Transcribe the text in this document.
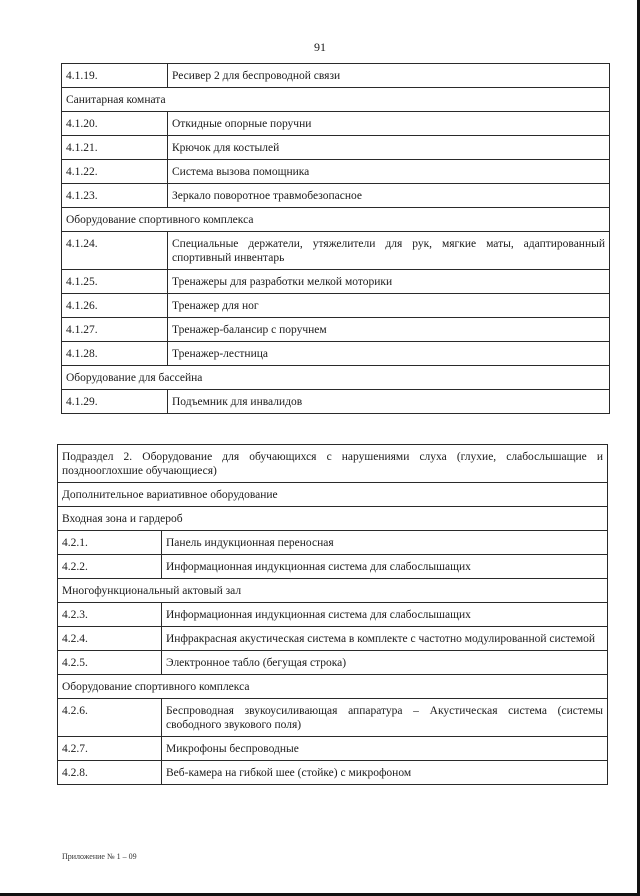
91
4.1.19.	Ресивер 2 для беспроводной связи
Санитарная комната	
4.1.20.	Откидные опорные поручни
4.1.21.	Крючок для костылей
4.1.22.	Система вызова помощника
4.1.23.	Зеркало поворотное травмобезопасное
Оборудование спортивного комплекса	
4.1.24.	Специальные держатели, утяжелители для рук, мягкие маты, адаптированный спортивный инвентарь
4.1.25.	Тренажеры для разработки мелкой моторики
4.1.26.	Тренажер для ног
4.1.27.	Тренажер-балансир с поручнем
4.1.28.	Тренажер-лестница
Оборудование для бассейна	
4.1.29.	Подъемник для инвалидов
Подраздел 2. Оборудование для обучающихся с нарушениями слуха (глухие, слабослышащие и позднооглохшие обучающиеся)	
Дополнительное вариативное оборудование	
Входная зона и гардероб	
4.2.1.	Панель индукционная переносная
4.2.2.	Информационная индукционная система для слабослышащих
Многофункциональный актовый зал	
4.2.3.	Информационная индукционная система для слабослышащих
4.2.4.	Инфракрасная акустическая система в комплекте с частотно модулированной системой
4.2.5.	Электронное табло (бегущая строка)
Оборудование спортивного комплекса	
4.2.6.	Беспроводная звукоусиливающая аппаратура – Акустическая система (системы свободного звукового поля)
4.2.7.	Микрофоны беспроводные
4.2.8.	Веб-камера на гибкой шее (стойке) с микрофоном
Приложение № 1 – 09
